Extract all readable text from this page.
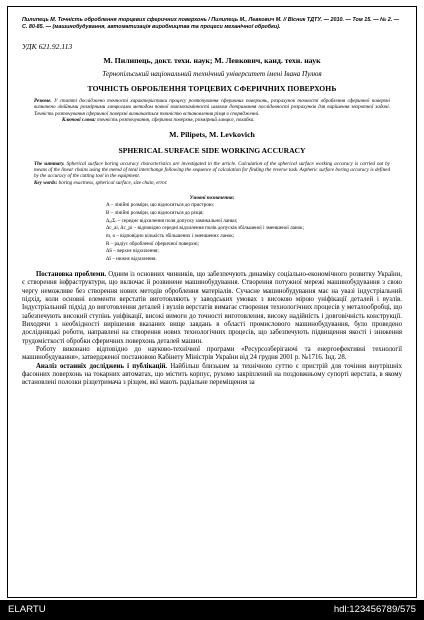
Пилипець М. Точність оброблення торцевих сферичних поверхонь / Пилипець М., Левкович М. // Вісник ТДТУ. — 2010. — Том 15. — № 2. — С. 80-85. — (машинобудування, автоматизація виробництва та процеси механічної обробки).
УДК 621.92.113
М. Пилипець, докт. техн. наук; М. Левкович, канд. техн. наук
Тернопільський національний технічний університет імені Івана Пулюя
ТОЧНІСТЬ ОБРОБЛЕННЯ ТОРЦЕВИХ СФЕРИЧНИХ ПОВЕРХОНЬ
Резюме. У статті досліджено точності характеристики процесу розточування сферичних поверхонь, розрахунок точності оброблення сферичної поверхні визначено лінійними розмірними ланцюгами методом повної взаємозамінності шляхом дотримання послідовності розрахунків для вирішення зворотної задачі. Точність розточування сферичної поверхні визначається точністю встановлення різця в спорядженні.
Ключові слова: точність розточування, сферична поверхня, розмірний ланцюг, похибка.
M. Pilipets, M. Levkovich
SPHERICAL SURFACE SIDE WORKING ACCURACY
The summary. Spherical surface boring accuracy characteristics are investigated in the article. Calculation of the spherical surface working accuracy is carried out by means of the linear chains using the metod of total interchange following the sequence of calculation for finding the reverse task. Aspheric surface boring accuracy is defined by the accuracy of the cutting tool in the equipment.
Key words: boring exactness, spherical surface, size chain, error.
Умовні позначення:
A – лінійні розміри, що відносяться до пристрою;
B – лінійні розміри, що відносяться до різця;
Δ₀₍Σ₎ – середнє відхилення поля допуску замикальної ланки;
Δc_аі, Δc_рі – відповідно середні відхилення полів допусків збільшеної і зменшеної ланок;
m, n – відповідно кількість збільшених і зменшених ланок;
R – радіус обробленої сферичної поверхні;
ΔS – верхнє відхилення;
ΔI – нижнє відхилення.

Постановка проблеми. Одним із основних чинників, що забезпечують динаміку соціально-економічного розвитку України, є створення інфраструктури, що включає й розвинене машинобудування. Створення потужної мережі машинобудування з свою чергу неможливе без створення нових методів оброблення матеріалів. Сучасне машинобудування має на увазі індустріальний підхід, коли основні елементи верстатів виготовляють у заводських умовах з високою мірою уніфікації деталей і вузлів. Індустріальний підхід до виготовлення деталей і вузлів верстатів вимагає створення технологічних процесів у металообробці, що забезпечують високий ступінь уніфікації, високі вимоги до точності виготовлення, високу надійність і довговічність конструкції. Виходячи з необхідності вирішення вказаних вище завдань в області промислового машинобудування, було проведено дослідницькі роботи, направлені на створення нових технологічних процесів, що забезпечують підвищення якості і зниження трудомісткості обробки сферичних поверхонь деталей машин.

Роботу виконано відповідно до науково-технічної програми «Ресурсозберігаючі та енергоефективні технології машинобудування», затвердженої постановою Кабінету Міністрів України від 24 грудня 2001 р. №1716. Інд. 28.

Аналіз останніх досліджень і публікацій. Найбільш близьким за технічною суттю є пристрій для точіння внутрішніх фасонних поверхонь на токарних автоматах, що містить корпус, рухомо закріплений на поздовжньому супорті верстата, в якому встановлені полозки різцетримача з різцем, які мають радіальне переміщення за

ELARTU	hdl:123456789/575
